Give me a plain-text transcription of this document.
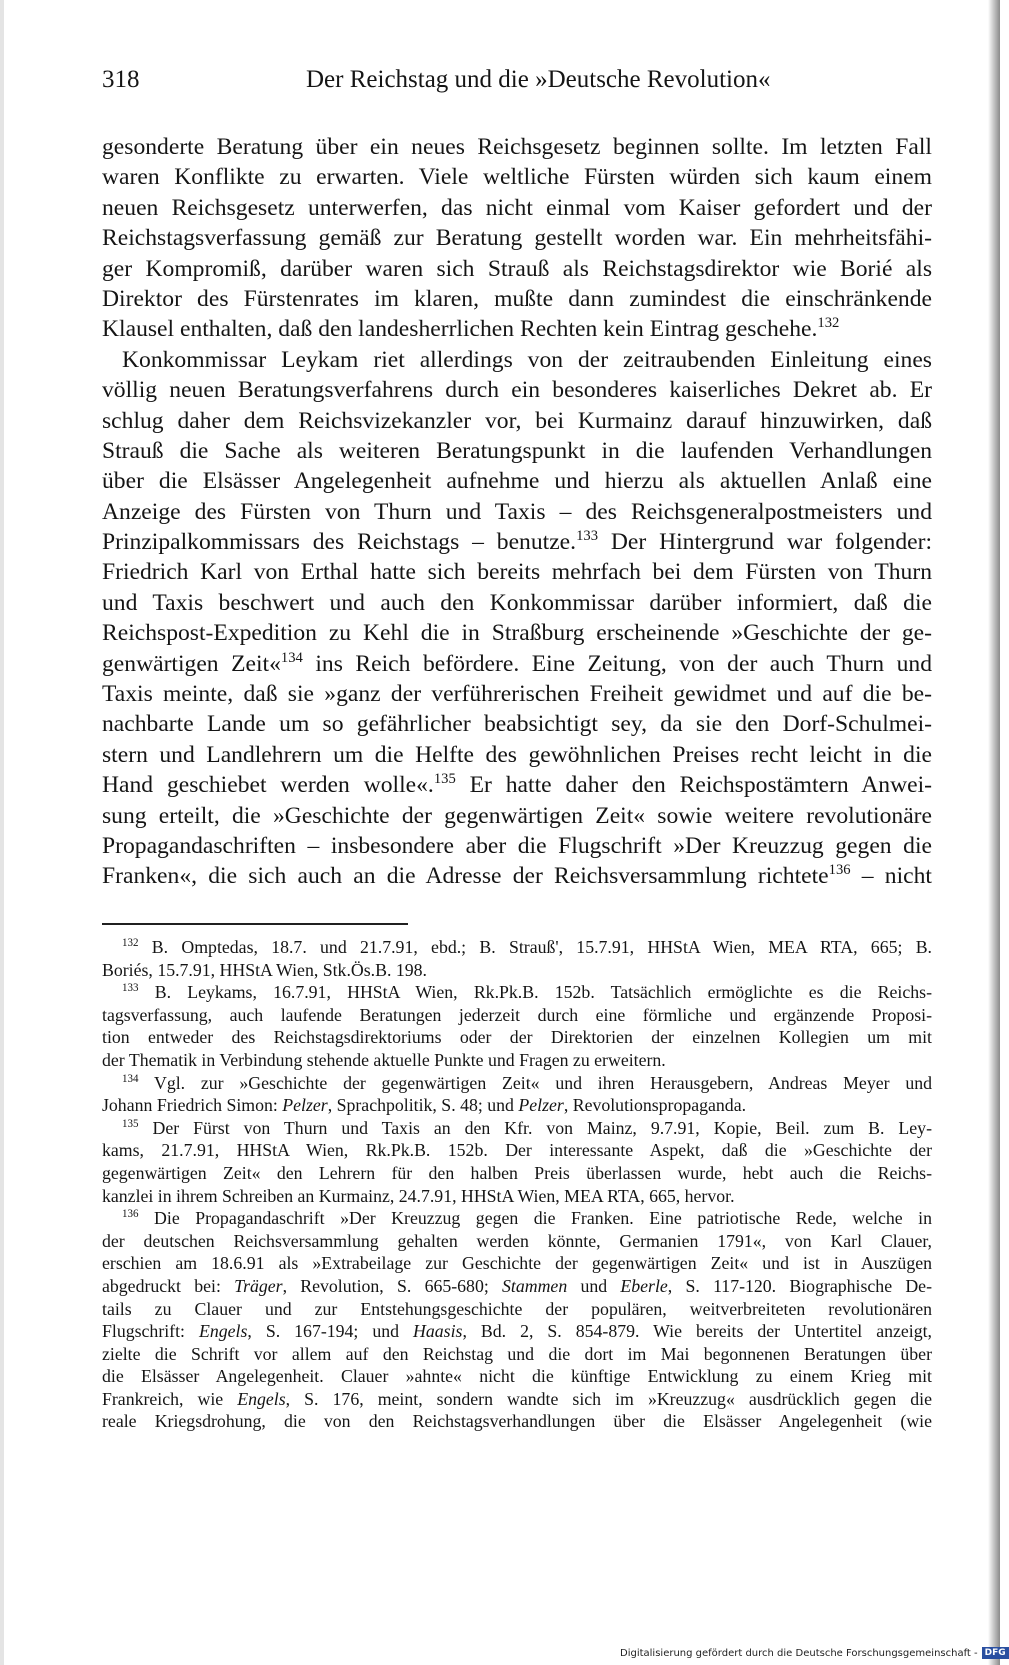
318	Der Reichstag und die »Deutsche Revolution«
gesonderte Beratung über ein neues Reichsgesetz beginnen sollte. Im letzten Fall
waren Konflikte zu erwarten. Viele weltliche Fürsten würden sich kaum einem
neuen Reichsgesetz unterwerfen, das nicht einmal vom Kaiser gefordert und der
Reichstagsverfassung gemäß zur Beratung gestellt worden war. Ein mehrheitsfähi-
ger Kompromiß, darüber waren sich Strauß als Reichstagsdirektor wie Borié als
Direktor des Fürstenrates im klaren, mußte dann zumindest die einschränkende
Klausel enthalten, daß den landesherrlichen Rechten kein Eintrag geschehe.$^{132}$
Konkommissar Leykam riet allerdings von der zeitraubenden Einleitung eines
völlig neuen Beratungsverfahrens durch ein besonderes kaiserliches Dekret ab. Er
schlug daher dem Reichsvizekanzler vor, bei Kurmainz darauf hinzuwirken, daß
Strauß die Sache als weiteren Beratungspunkt in die laufenden Verhandlungen
über die Elsässer Angelegenheit aufnehme und hierzu als aktuellen Anlaß eine
Anzeige des Fürsten von Thurn und Taxis – des Reichsgeneralpostmeisters und
Prinzipalkommissars des Reichstags – benutze.$^{133}$ Der Hintergrund war folgender:
Friedrich Karl von Erthal hatte sich bereits mehrfach bei dem Fürsten von Thurn
und Taxis beschwert und auch den Konkommissar darüber informiert, daß die
Reichspost-Expedition zu Kehl die in Straßburg erscheinende »Geschichte der ge-
genwärtigen Zeit«$^{134}$ ins Reich befördere. Eine Zeitung, von der auch Thurn und
Taxis meinte, daß sie »ganz der verführerischen Freiheit gewidmet und auf die be-
nachbarte Lande um so gefährlicher beabsichtigt sey, da sie den Dorf-Schulmei-
stern und Landlehrern um die Helfte des gewöhnlichen Preises recht leicht in die
Hand geschiebet werden wolle«.$^{135}$ Er hatte daher den Reichspostämtern Anwei-
sung erteilt, die »Geschichte der gegenwärtigen Zeit« sowie weitere revolutionäre
Propagandaschriften – insbesondere aber die Flugschrift »Der Kreuzzug gegen die
Franken«, die sich auch an die Adresse der Reichsversammlung richtete$^{136}$ – nicht
$^{132}$ B. Omptedas, 18.7. und 21.7.91, ebd.; B. Strauß', 15.7.91, HHStA Wien, MEA RTA, 665; B.
Boriés, 15.7.91, HHStA Wien, Stk.Ös.B. 198.
$^{133}$ B. Leykams, 16.7.91, HHStA Wien, Rk.Pk.B. 152b. Tatsächlich ermöglichte es die Reichs-
tagsverfassung, auch laufende Beratungen jederzeit durch eine förmliche und ergänzende Proposi-
tion entweder des Reichstagsdirektoriums oder der Direktorien der einzelnen Kollegien um mit
der Thematik in Verbindung stehende aktuelle Punkte und Fragen zu erweitern.
$^{134}$ Vgl. zur »Geschichte der gegenwärtigen Zeit« und ihren Herausgebern, Andreas Meyer und
Johann Friedrich Simon: Pelzer, Sprachpolitik, S. 48; und Pelzer, Revolutionspropaganda.
$^{135}$ Der Fürst von Thurn und Taxis an den Kfr. von Mainz, 9.7.91, Kopie, Beil. zum B. Ley-
kams, 21.7.91, HHStA Wien, Rk.Pk.B. 152b. Der interessante Aspekt, daß die »Geschichte der
gegenwärtigen Zeit« den Lehrern für den halben Preis überlassen wurde, hebt auch die Reichs-
kanzlei in ihrem Schreiben an Kurmainz, 24.7.91, HHStA Wien, MEA RTA, 665, hervor.
$^{136}$ Die Propagandaschrift »Der Kreuzzug gegen die Franken. Eine patriotische Rede, welche in
der deutschen Reichsversammlung gehalten werden könnte, Germanien 1791«, von Karl Clauer,
erschien am 18.6.91 als »Extrabeilage zur Geschichte der gegenwärtigen Zeit« und ist in Auszügen
abgedruckt bei: Träger, Revolution, S. 665-680; Stammen und Eberle, S. 117-120. Biographische De-
tails zu Clauer und zur Entstehungsgeschichte der populären, weitverbreiteten revolutionären
Flugschrift: Engels, S. 167-194; und Haasis, Bd. 2, S. 854-879. Wie bereits der Untertitel anzeigt,
zielte die Schrift vor allem auf den Reichstag und die dort im Mai begonnenen Beratungen über
die Elsässer Angelegenheit. Clauer »ahnte« nicht die künftige Entwicklung zu einem Krieg mit
Frankreich, wie Engels, S. 176, meint, sondern wandte sich im »Kreuzzug« ausdrücklich gegen die
reale Kriegsdrohung, die von den Reichstagsverhandlungen über die Elsässer Angelegenheit (wie
Digitalisierung gefördert durch die Deutsche Forschungsgemeinschaft - DFG
